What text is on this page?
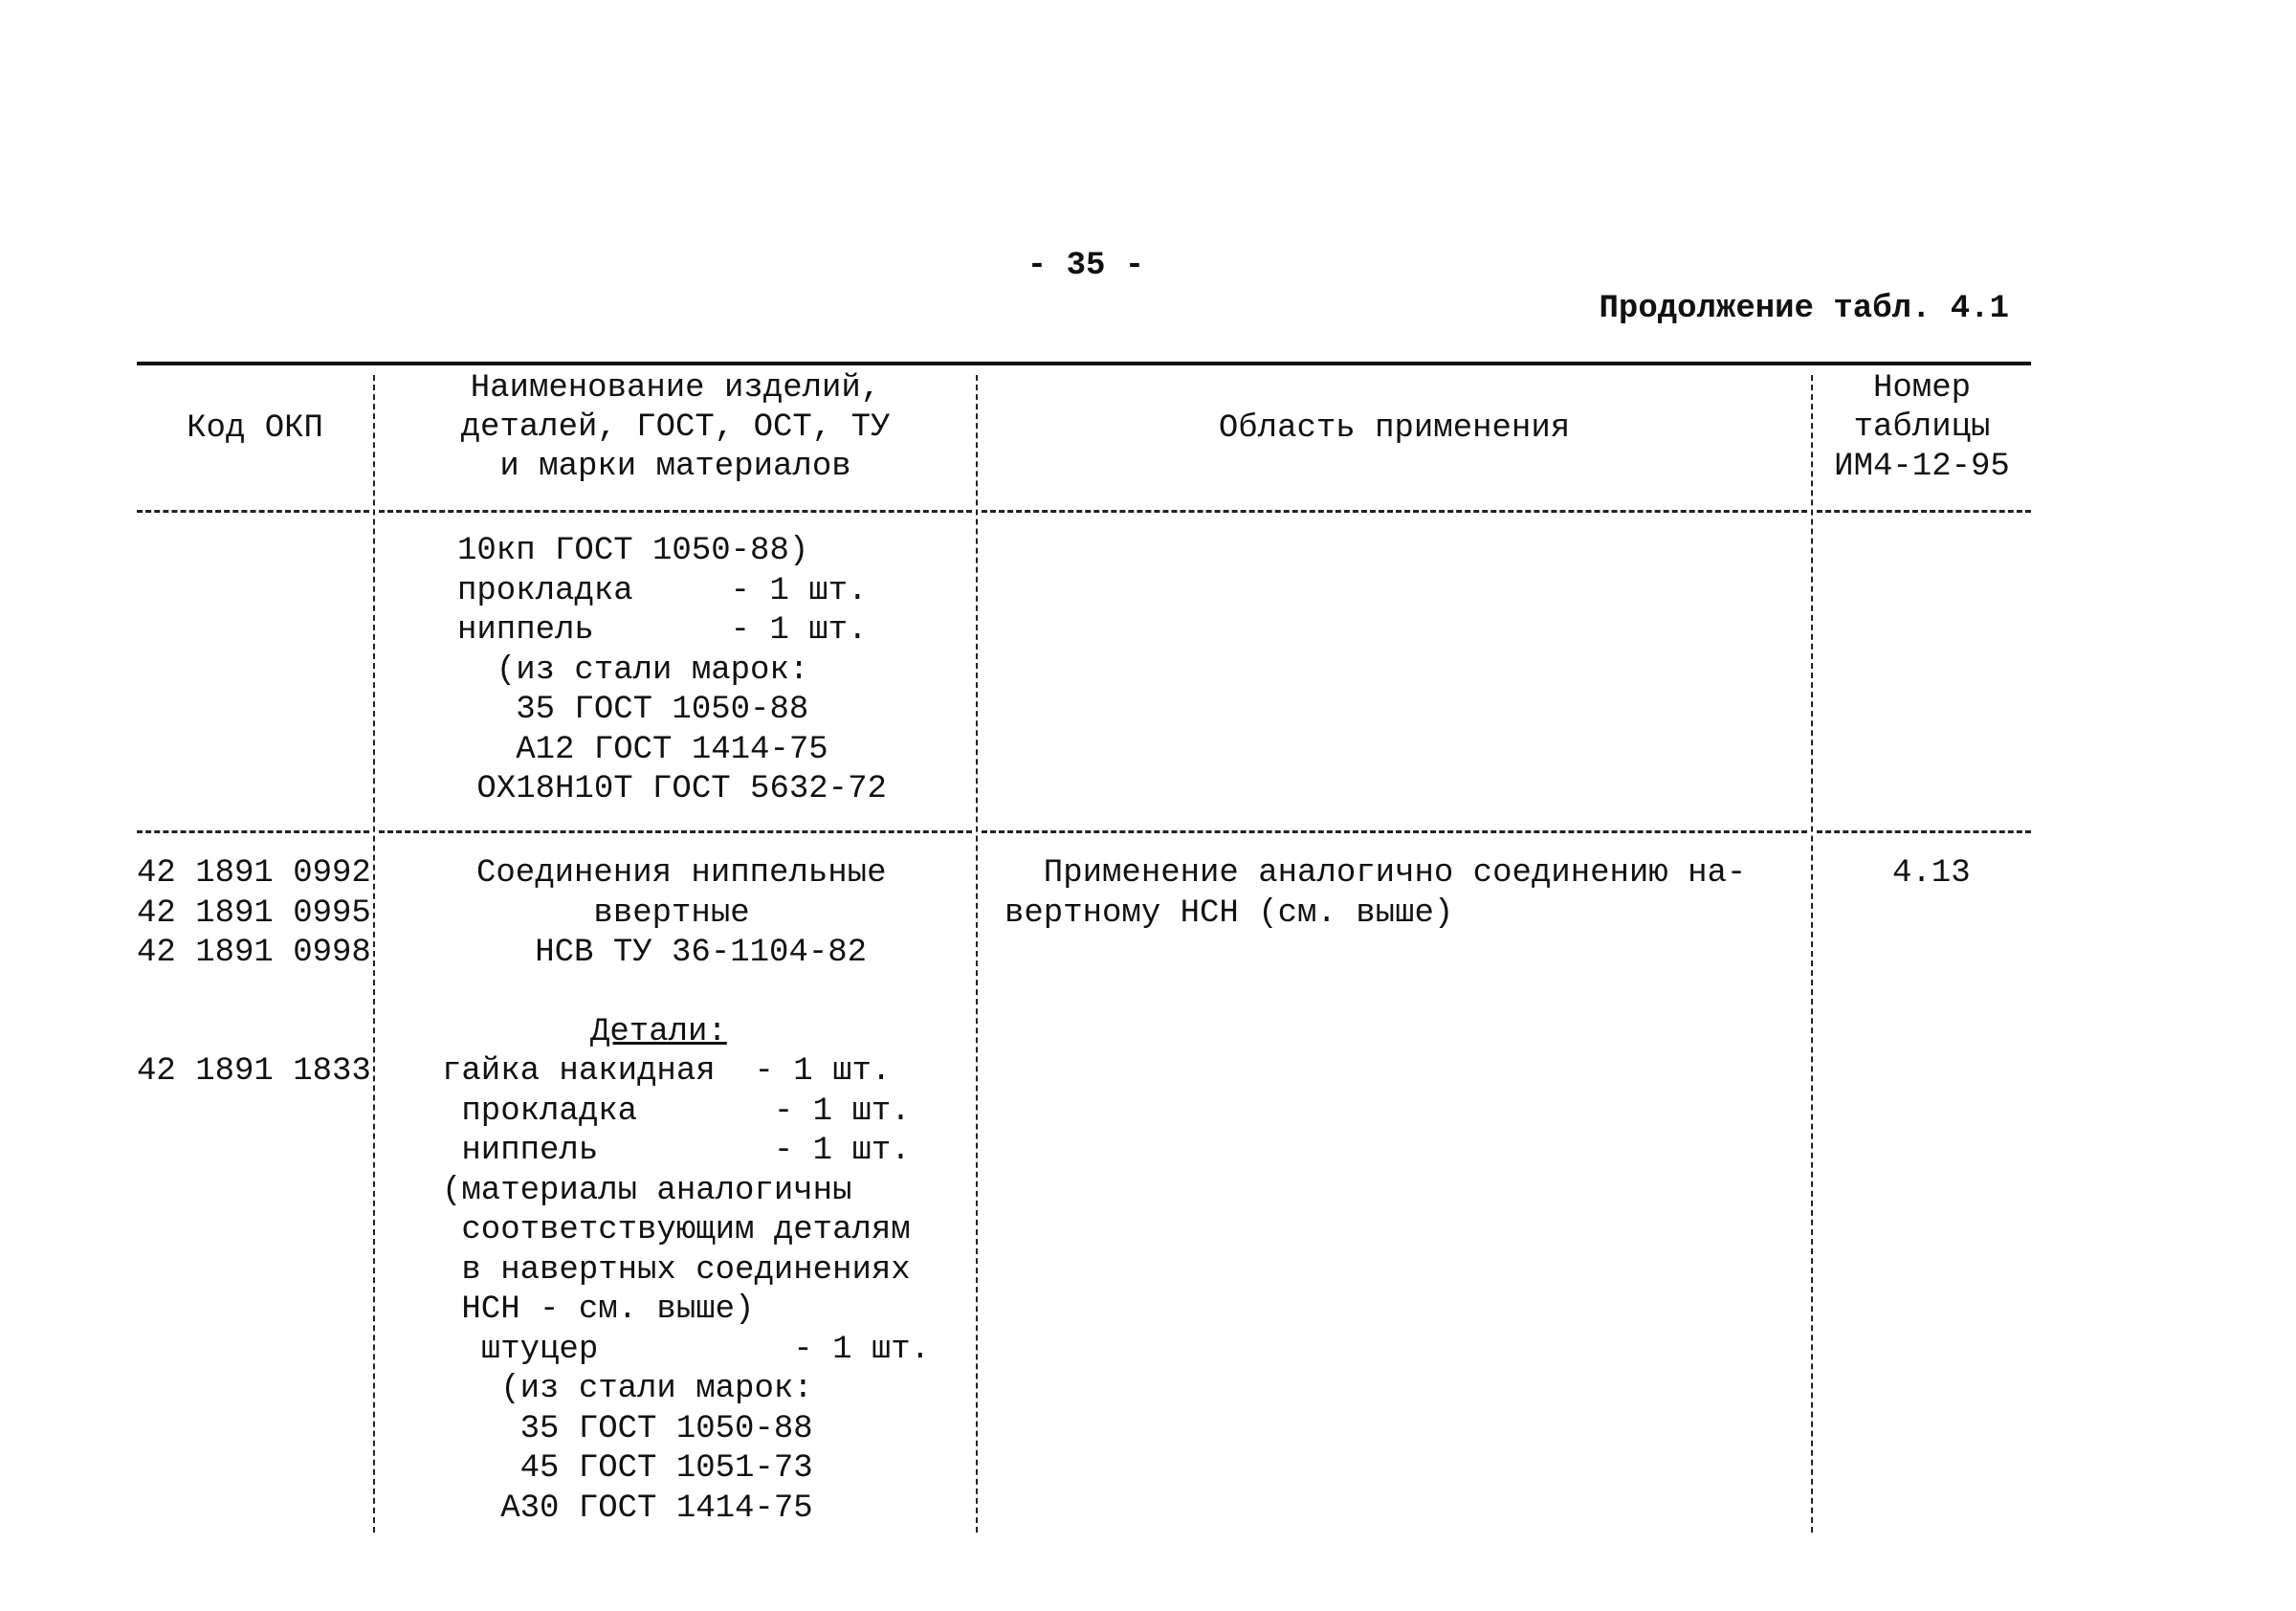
- 35 -
Продолжение табл. 4.1
Код ОКП
Наименование изделий,
деталей, ГОСТ, ОСТ, ТУ
и марки материалов
Область применения
Номер
таблицы
ИМ4-12-95
10кп ГОСТ 1050-88)
прокладка     - 1 шт.
ниппель       - 1 шт.
(из стали марок:
35 ГОСТ 1050-88
А12 ГОСТ 1414-75
ОХ18Н10Т ГОСТ 5632-72
42 1891 0992
42 1891 0995
42 1891 0998
42 1891 1833
Соединения ниппельные
ввертные
НСВ ТУ 36-1104-82
Детали:
гайка накидная  - 1 шт.
прокладка       - 1 шт.
ниппель         - 1 шт.
(материалы аналогичны
соответствующим деталям
в навертных соединениях
НСН - см. выше)
штуцер          - 1 шт.
(из стали марок:
35 ГОСТ 1050-88
45 ГОСТ 1051-73
А30 ГОСТ 1414-75
Применение аналогично соединению на-
вертному НСН (см. выше)
4.13
